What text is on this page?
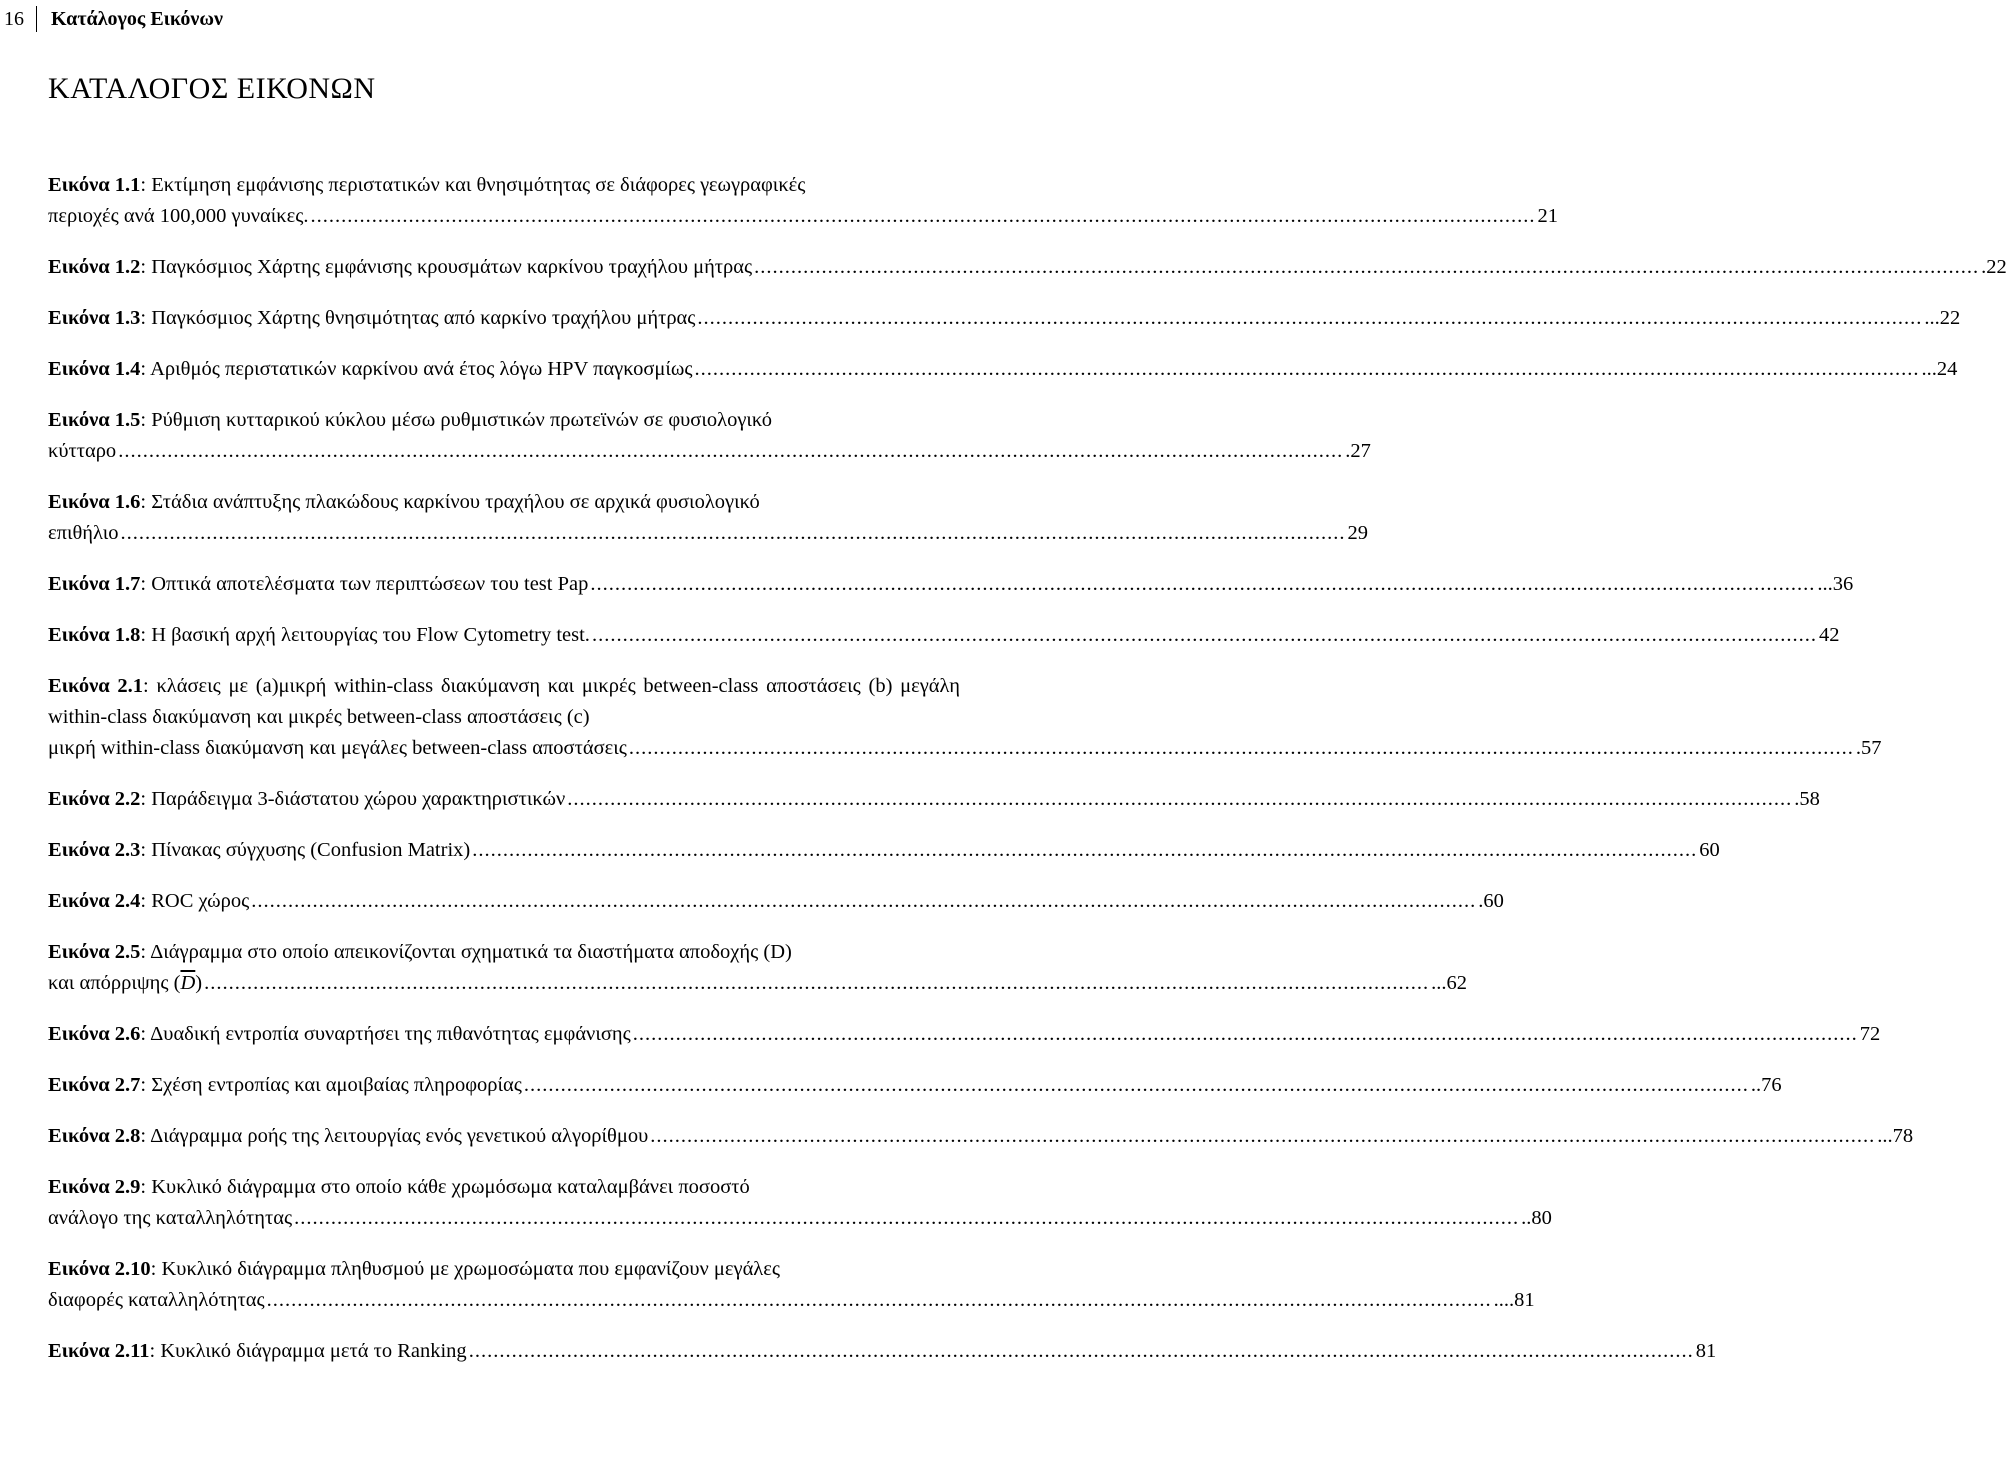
16	Κατάλογος Εικόνων
ΚΑΤΑΛΟΓΟΣ ΕΙΚΟΝΩΝ
Εικόνα 1.1: Εκτίμηση εμφάνισης περιστατικών και θνησιμότητας σε διάφορες γεωγραφικές
περιοχές ανά 100,000 γυναίκες. ........................................................................................................................................................................................................ 21
Εικόνα 1.2: Παγκόσμιος Χάρτης εμφάνισης κρουσμάτων καρκίνου τραχήλου μήτρας ........................................................................................................................................................................................................ .22
Εικόνα 1.3: Παγκόσμιος Χάρτης θνησιμότητας από καρκίνο τραχήλου μήτρας ........................................................................................................................................................................................................ ...22
Εικόνα 1.4: Αριθμός περιστατικών καρκίνου ανά έτος λόγω HPV παγκοσμίως ........................................................................................................................................................................................................ ...24
Εικόνα 1.5: Ρύθμιση κυτταρικού κύκλου μέσω ρυθμιστικών πρωτεϊνών σε φυσιολογικό
κύτταρο ........................................................................................................................................................................................................ .27
Εικόνα 1.6: Στάδια ανάπτυξης πλακώδους καρκίνου τραχήλου σε αρχικά φυσιολογικό
επιθήλιο ........................................................................................................................................................................................................ 29
Εικόνα 1.7: Οπτικά αποτελέσματα των περιπτώσεων του test Pap ........................................................................................................................................................................................................ ...36
Εικόνα 1.8: Η βασική αρχή λειτουργίας του Flow Cytometry test. ........................................................................................................................................................................................................ 42
Εικόνα 2.1: κλάσεις με (a)μικρή within-class διακύμανση και μικρές between-class αποστάσεις (b) μεγάλη within-class διακύμανση και μικρές between-class αποστάσεις (c)
μικρή within-class διακύμανση και μεγάλες between-class αποστάσεις ........................................................................................................................................................................................................ .57
Εικόνα 2.2: Παράδειγμα 3-διάστατου χώρου χαρακτηριστικών ........................................................................................................................................................................................................ .58
Εικόνα 2.3: Πίνακας σύγχυσης (Confusion Matrix) ........................................................................................................................................................................................................ 60
Εικόνα 2.4: ROC χώρος ........................................................................................................................................................................................................ .60
Εικόνα 2.5: Διάγραμμα στο οποίο απεικονίζονται σχηματικά τα διαστήματα αποδοχής (D)
και απόρριψης $(\overline{D})$ ........................................................................................................................................................................................................ ...62
Εικόνα 2.6: Δυαδική εντροπία συναρτήσει της πιθανότητας εμφάνισης ........................................................................................................................................................................................................ 72
Εικόνα 2.7: Σχέση εντροπίας και αμοιβαίας πληροφορίας ........................................................................................................................................................................................................ ..76
Εικόνα 2.8: Διάγραμμα ροής της λειτουργίας ενός γενετικού αλγορίθμου ........................................................................................................................................................................................................ ...78
Εικόνα 2.9: Κυκλικό διάγραμμα στο οποίο κάθε χρωμόσωμα καταλαμβάνει ποσοστό
ανάλογο της καταλληλότητας ........................................................................................................................................................................................................ ..80
Εικόνα 2.10: Κυκλικό διάγραμμα πληθυσμού με χρωμοσώματα που εμφανίζουν μεγάλες
διαφορές καταλληλότητας ........................................................................................................................................................................................................ ....81
Εικόνα 2.11: Κυκλικό διάγραμμα μετά το Ranking ........................................................................................................................................................................................................ 81
